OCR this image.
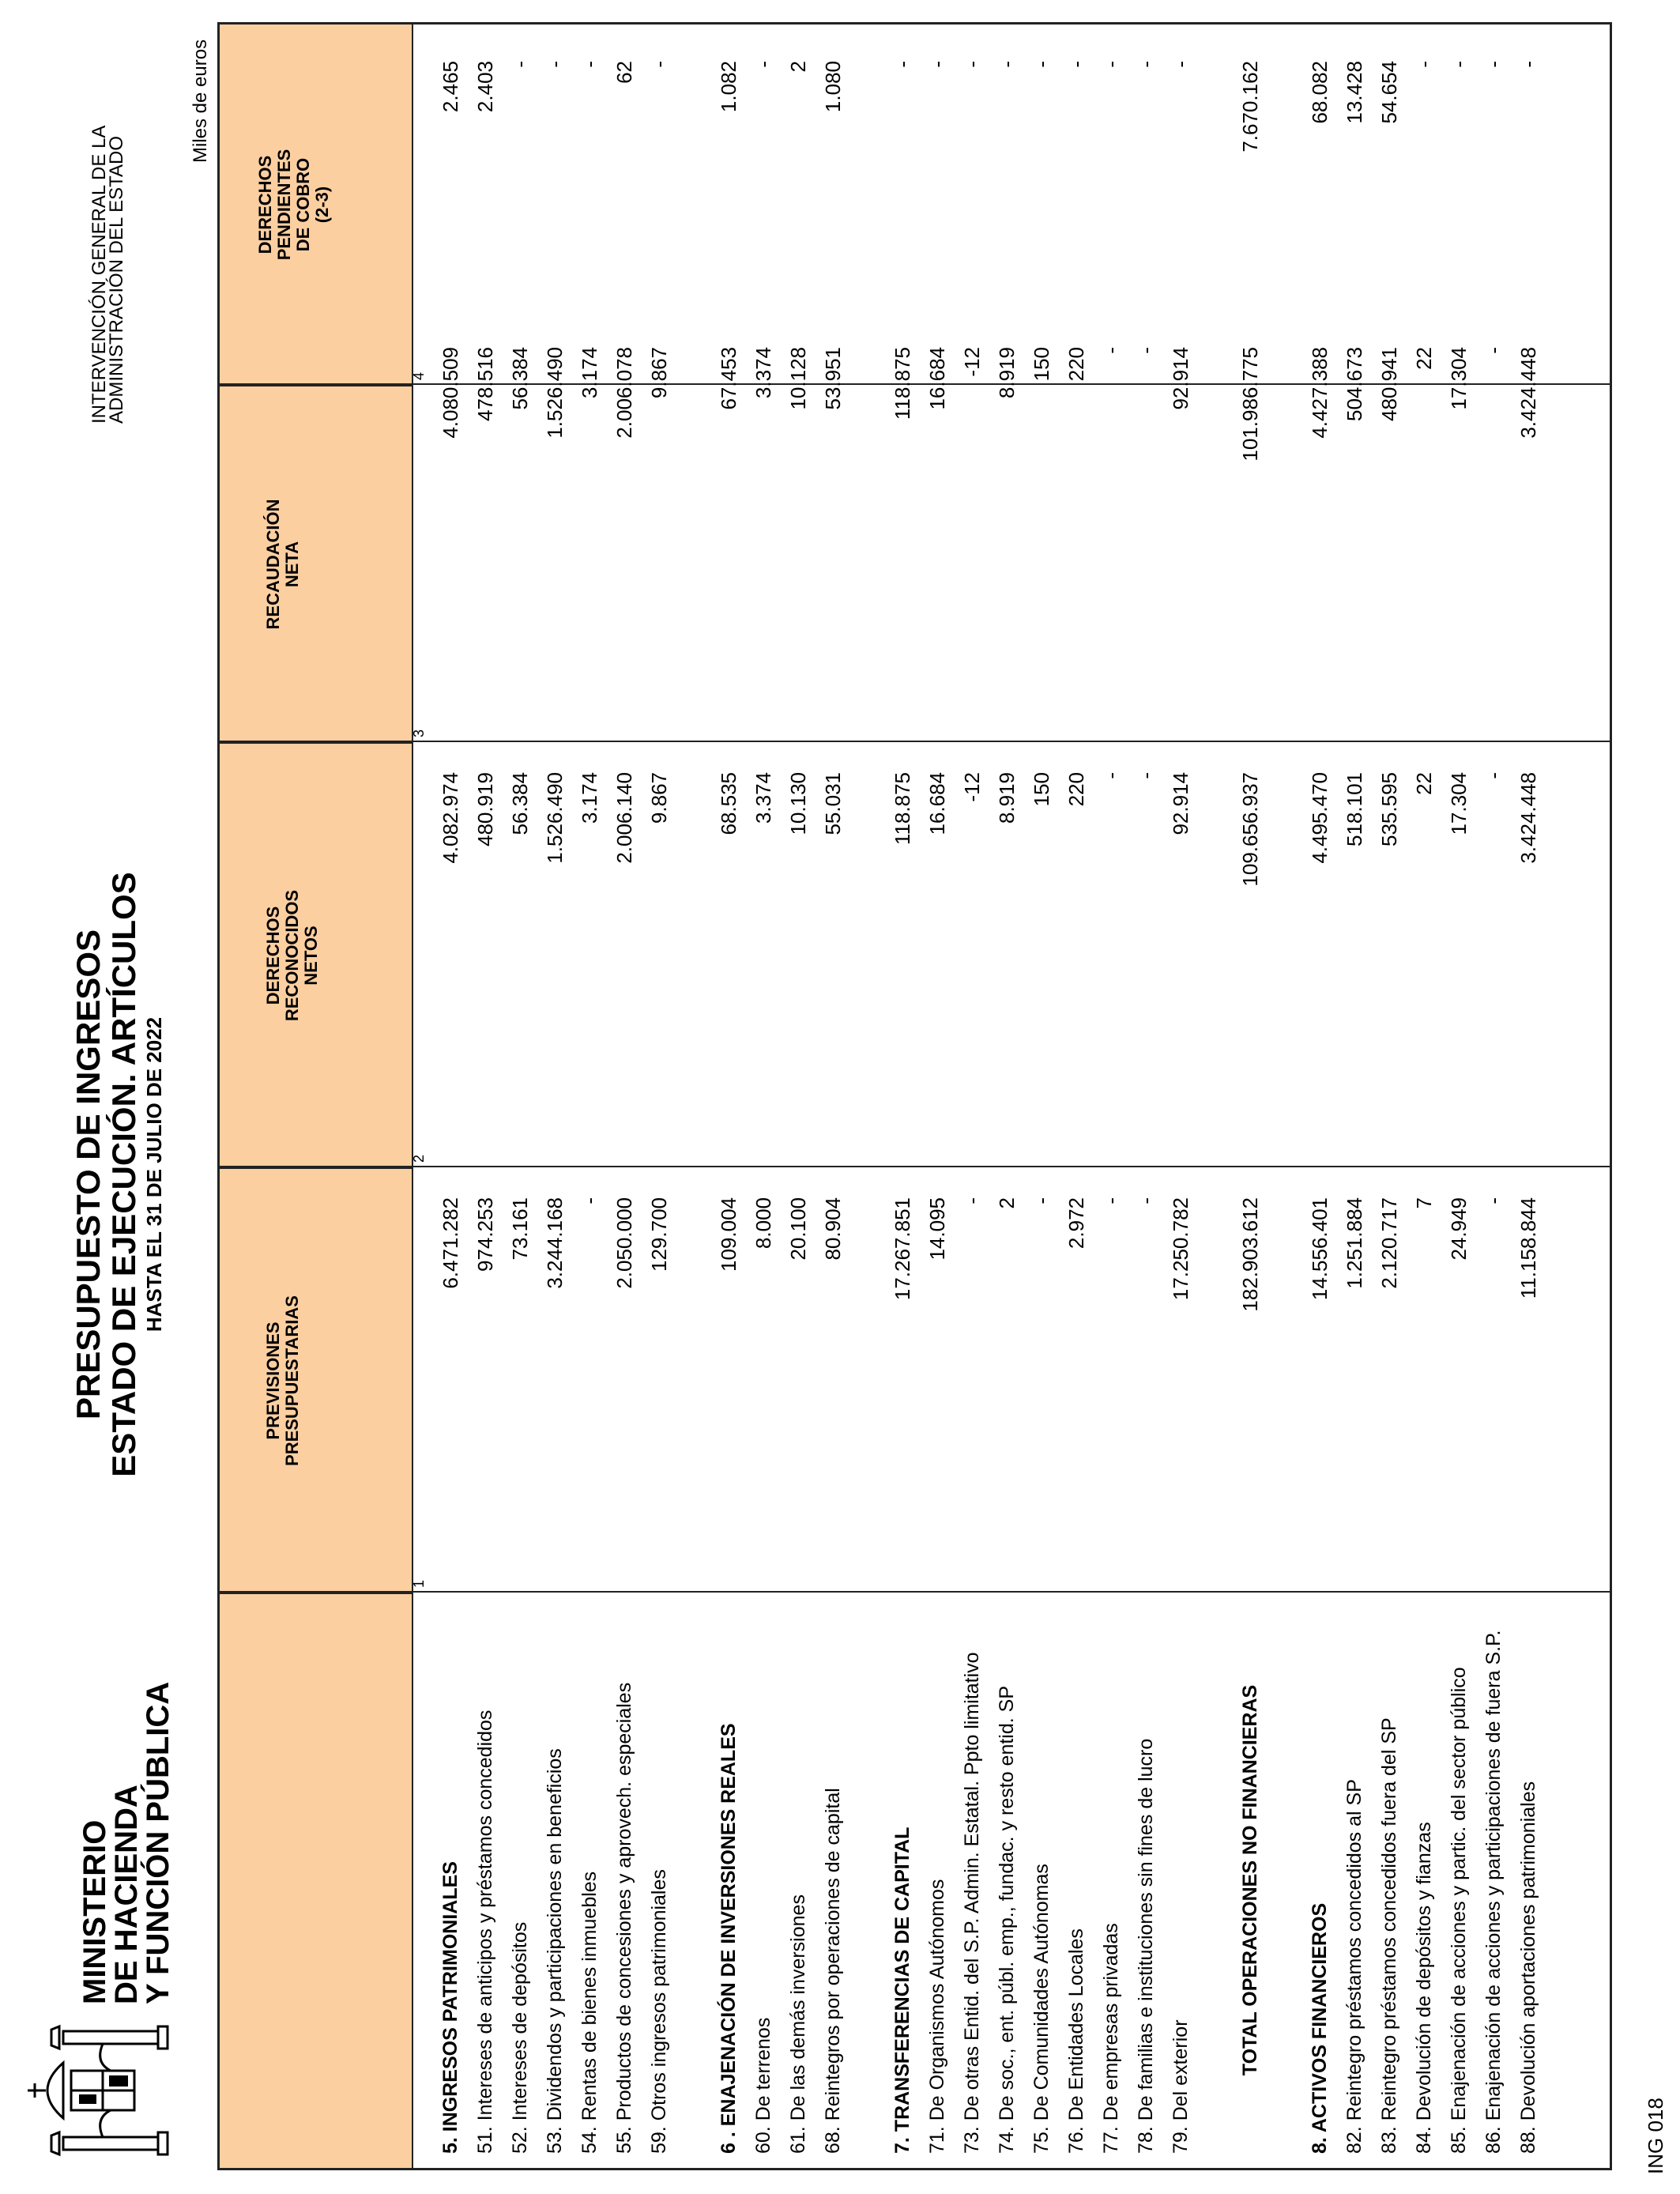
MINISTERIO
DE HACIENDA
Y FUNCIÓN PÚBLICA
PRESUPUESTO DE INGRESOS
ESTADO DE EJECUCIÓN. ARTÍCULOS HASTA EL 31 DE JULIO DE 2022
INTERVENCIÓN GENERAL DE LA
ADMINISTRACIÓN DEL ESTADO
Miles de euros
PREVISIONES PRESUPUESTARIAS
DERECHOS RECONOCIDOS NETOS
RECAUDACIÓN NETA
DERECHOS PENDIENTES DE COBRO (2-3)
1
2
3
4
5. INGRESOS PATRIMONIALES
6.471.282
4.082.974
4.080.509
2.465
51. Intereses de anticipos y préstamos concedidos
974.253
480.919
478.516
2.403
52. Intereses de depósitos
73.161
56.384
56.384
-
53. Dividendos y participaciones en beneficios
3.244.168
1.526.490
1.526.490
-
54. Rentas de bienes inmuebles
-
3.174
3.174
-
55. Productos de concesiones y aprovech. especiales
2.050.000
2.006.140
2.006.078
62
59. Otros ingresos patrimoniales
129.700
9.867
9.867
-
6 . ENAJENACIÓN DE INVERSIONES REALES
109.004
68.535
67.453
1.082
60. De terrenos
8.000
3.374
3.374
-
61. De las demás inversiones
20.100
10.130
10.128
2
68. Reintegros por operaciones de capital
80.904
55.031
53.951
1.080
7. TRANSFERENCIAS DE CAPITAL
17.267.851
118.875
118.875
-
71. De Organismos Autónomos
14.095
16.684
16.684
-
73. De otras Entid. del S.P. Admin. Estatal. Ppto limitativo
-
-12
-12
-
74. De soc., ent. públ. emp., fundac. y resto entid. SP
2
8.919
8.919
-
75. De Comunidades Autónomas
-
150
150
-
76. De Entidades Locales
2.972
220
220
-
77. De empresas privadas
-
-
-
-
78. De familias e instituciones sin fines de lucro
-
-
-
-
79. Del exterior
17.250.782
92.914
92.914
-
TOTAL OPERACIONES NO FINANCIERAS
182.903.612
109.656.937
101.986.775
7.670.162
8. ACTIVOS FINANCIEROS
14.556.401
4.495.470
4.427.388
68.082
82. Reintegro préstamos concedidos al SP
1.251.884
518.101
504.673
13.428
83. Reintegro préstamos concedidos fuera del SP
2.120.717
535.595
480.941
54.654
84. Devolución de depósitos y fianzas
7
22
22
-
85. Enajenación de acciones y partic. del sector público
24.949
17.304
17.304
-
86. Enajenación de acciones y participaciones de fuera S.P.
-
-
-
-
88. Devolución aportaciones patrimoniales
11.158.844
3.424.448
3.424.448
-
ING 018
